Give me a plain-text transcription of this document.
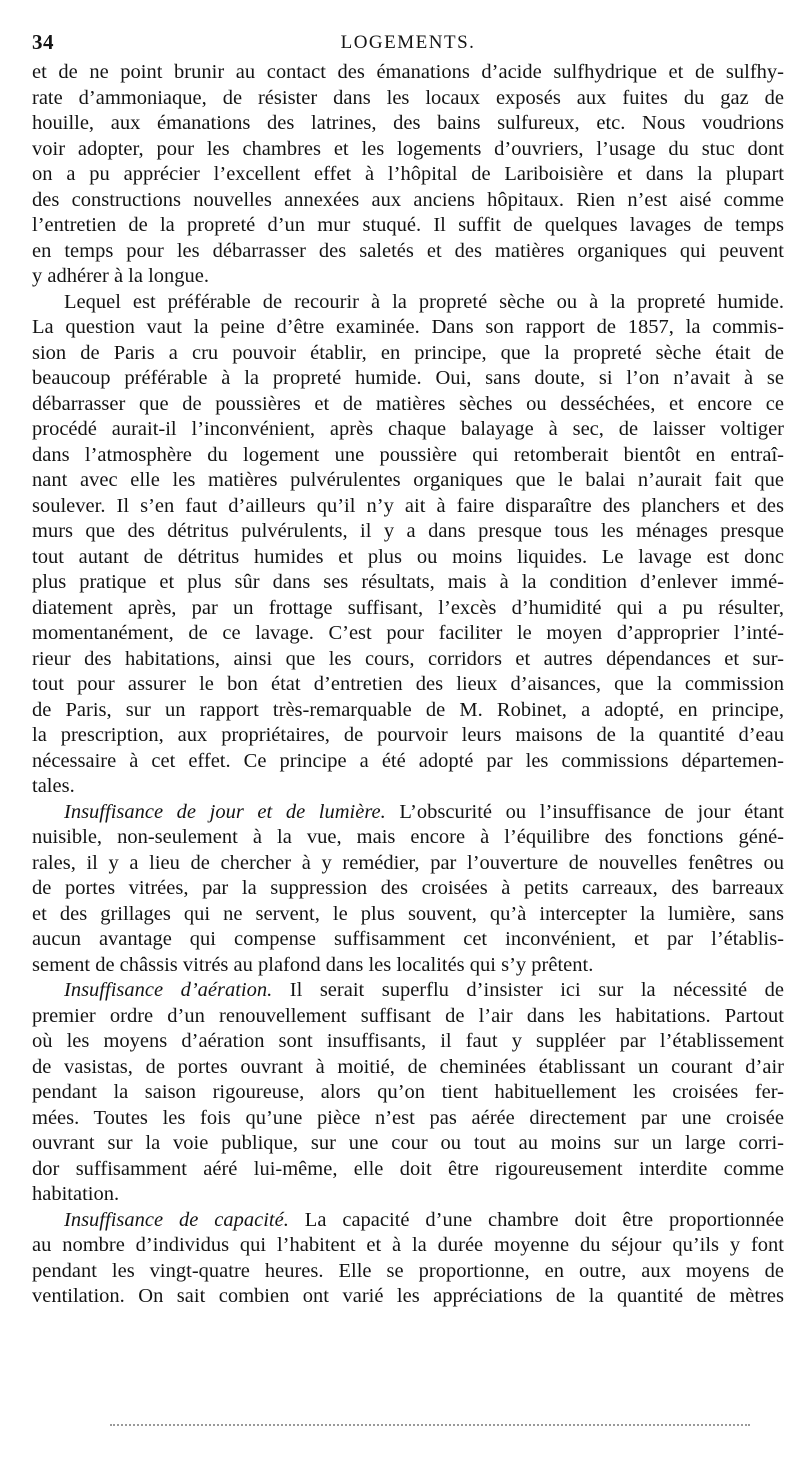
34	LOGEMENTS.
et de ne point brunir au contact des émanations d’acide sulfhydrique et de sulfhy-
rate d’ammoniaque, de résister dans les locaux exposés aux fuites du gaz de
houille, aux émanations des latrines, des bains sulfureux, etc. Nous voudrions
voir adopter, pour les chambres et les logements d’ouvriers, l’usage du stuc dont
on a pu apprécier l’excellent effet à l’hôpital de Lariboisière et dans la plupart
des constructions nouvelles annexées aux anciens hôpitaux. Rien n’est aisé comme
l’entretien de la propreté d’un mur stuqué. Il suffit de quelques lavages de temps
en temps pour les débarrasser des saletés et des matières organiques qui peuvent
y adhérer à la longue.
Lequel est préférable de recourir à la propreté sèche ou à la propreté humide.
La question vaut la peine d’être examinée. Dans son rapport de 1857, la commis-
sion de Paris a cru pouvoir établir, en principe, que la propreté sèche était de
beaucoup préférable à la propreté humide. Oui, sans doute, si l’on n’avait à se
débarrasser que de poussières et de matières sèches ou desséchées, et encore ce
procédé aurait-il l’inconvénient, après chaque balayage à sec, de laisser voltiger
dans l’atmosphère du logement une poussière qui retomberait bientôt en entraî-
nant avec elle les matières pulvérulentes organiques que le balai n’aurait fait que
soulever. Il s’en faut d’ailleurs qu’il n’y ait à faire disparaître des planchers et des
murs que des détritus pulvérulents, il y a dans presque tous les ménages presque
tout autant de détritus humides et plus ou moins liquides. Le lavage est donc
plus pratique et plus sûr dans ses résultats, mais à la condition d’enlever immé-
diatement après, par un frottage suffisant, l’excès d’humidité qui a pu résulter,
momentanément, de ce lavage. C’est pour faciliter le moyen d’approprier l’inté-
rieur des habitations, ainsi que les cours, corridors et autres dépendances et sur-
tout pour assurer le bon état d’entretien des lieux d’aisances, que la commission
de Paris, sur un rapport très-remarquable de M. Robinet, a adopté, en principe,
la prescription, aux propriétaires, de pourvoir leurs maisons de la quantité d’eau
nécessaire à cet effet. Ce principe a été adopté par les commissions départemen-
tales.
Insuffisance de jour et de lumière. L’obscurité ou l’insuffisance de jour étant
nuisible, non-seulement à la vue, mais encore à l’équilibre des fonctions géné-
rales, il y a lieu de chercher à y remédier, par l’ouverture de nouvelles fenêtres ou
de portes vitrées, par la suppression des croisées à petits carreaux, des barreaux
et des grillages qui ne servent, le plus souvent, qu’à intercepter la lumière, sans
aucun avantage qui compense suffisamment cet inconvénient, et par l’établis-
sement de châssis vitrés au plafond dans les localités qui s’y prêtent.
Insuffisance d’aération. Il serait superflu d’insister ici sur la nécessité de
premier ordre d’un renouvellement suffisant de l’air dans les habitations. Partout
où les moyens d’aération sont insuffisants, il faut y suppléer par l’établissement
de vasistas, de portes ouvrant à moitié, de cheminées établissant un courant d’air
pendant la saison rigoureuse, alors qu’on tient habituellement les croisées fer-
mées. Toutes les fois qu’une pièce n’est pas aérée directement par une croisée
ouvrant sur la voie publique, sur une cour ou tout au moins sur un large corri-
dor suffisamment aéré lui-même, elle doit être rigoureusement interdite comme
habitation.
Insuffisance de capacité. La capacité d’une chambre doit être proportionnée
au nombre d’individus qui l’habitent et à la durée moyenne du séjour qu’ils y font
pendant les vingt-quatre heures. Elle se proportionne, en outre, aux moyens de
ventilation. On sait combien ont varié les appréciations de la quantité de mètres
